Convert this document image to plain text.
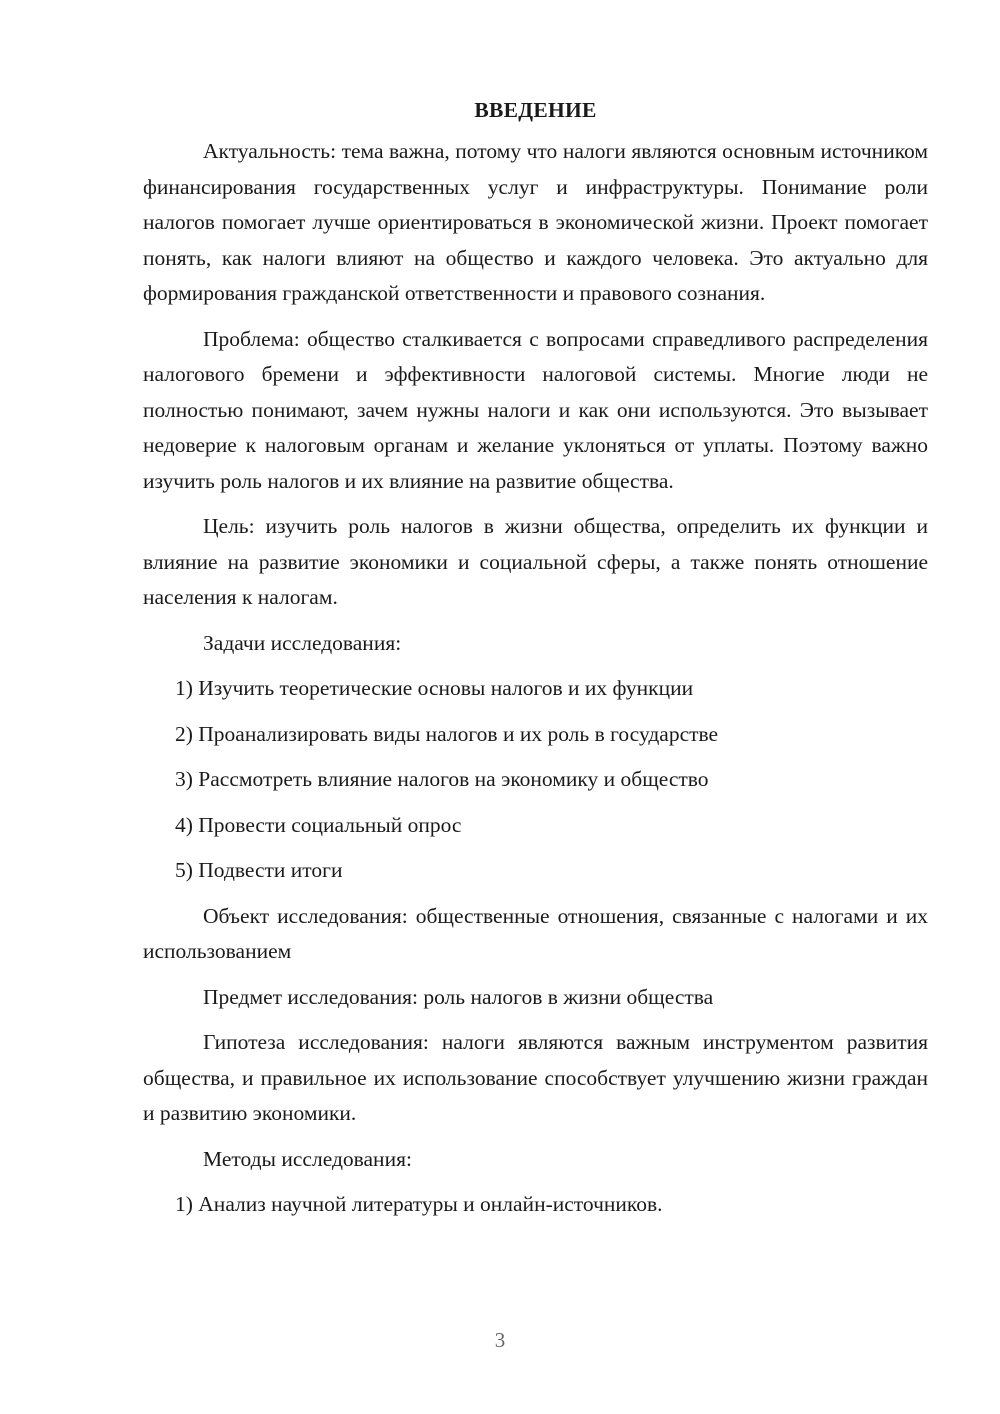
ВВЕДЕНИЕ

Актуальность: тема важна, потому что налоги являются основным источником финансирования государственных услуг и инфраструктуры. Понимание роли налогов помогает лучше ориентироваться в экономической жизни. Проект помогает понять, как налоги влияют на общество и каждого человека. Это актуально для формирования гражданской ответственности и правового сознания.

Проблема: общество сталкивается с вопросами справедливого распределения налогового бремени и эффективности налоговой системы. Многие люди не полностью понимают, зачем нужны налоги и как они используются. Это вызывает недоверие к налоговым органам и желание уклоняться от уплаты. Поэтому важно изучить роль налогов и их влияние на развитие общества.

Цель: изучить роль налогов в жизни общества, определить их функции и влияние на развитие экономики и социальной сферы, а также понять отношение населения к налогам.

Задачи исследования:

1) Изучить теоретические основы налогов и их функции
2) Проанализировать виды налогов и их роль в государстве
3) Рассмотреть влияние налогов на экономику и общество
4) Провести социальный опрос
5) Подвести итоги

Объект исследования: общественные отношения, связанные с налогами и их использованием

Предмет исследования: роль налогов в жизни общества

Гипотеза исследования: налоги являются важным инструментом развития общества, и правильное их использование способствует улучшению жизни граждан и развитию экономики.

Методы исследования:

1) Анализ научной литературы и онлайн-источников.
3
